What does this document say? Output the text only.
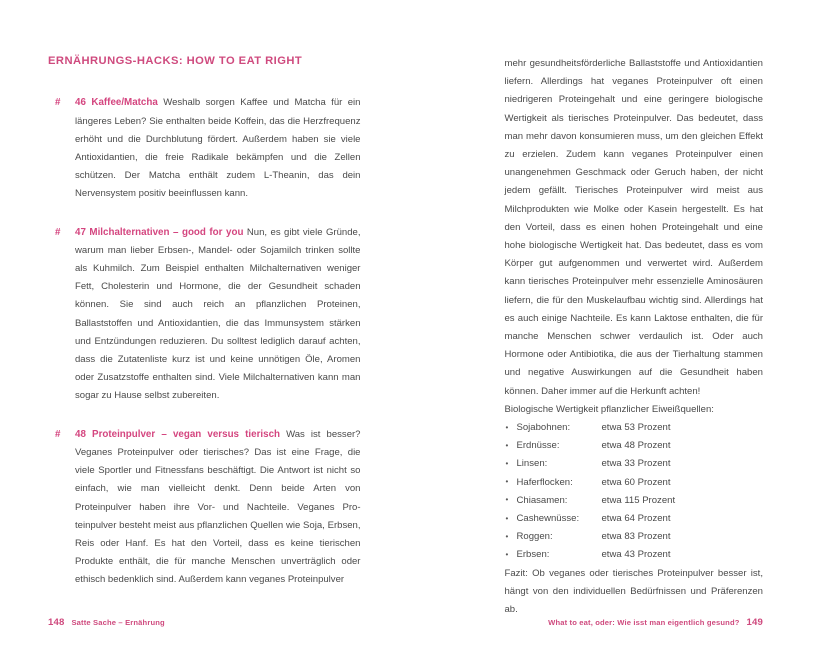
ERNÄHRUNGS-HACKS: HOW TO EAT RIGHT
# 46 Kaffee/Matcha Weshalb sorgen Kaffee und Matcha für ein längeres Leben? Sie enthalten beide Koffein, das die Herzfrequenz erhöht und die Durchblutung fördert. Außerdem haben sie viele Antioxidantien, die freie Radikale bekämpfen und die Zellen schützen. Der Matcha enthält zudem L-Theanin, das dein Nervensystem positiv beeinflussen kann.
# 47 Milchalternativen – good for you Nun, es gibt viele Gründe, warum man lieber Erbsen-, Mandel- oder Sojamilch trinken sollte als Kuhmilch. Zum Beispiel enthalten Milchalternativen weniger Fett, Cholesterin und Hormone, die der Gesundheit schaden können. Sie sind auch reich an pflanzlichen Proteinen, Ballaststoffen und Antioxidantien, die das Immunsystem stärken und Entzündungen reduzieren. Du solltest lediglich darauf achten, dass die Zutatenliste kurz ist und keine unnötigen Öle, Aromen oder Zusatzstoffe enthalten sind. Viele Milchalternativen kann man sogar zu Hause selbst zubereiten.
# 48 Proteinpulver – vegan versus tierisch Was ist besser? Veganes Proteinpulver oder tierisches? Das ist eine Frage, die viele Sportler und Fitnessfans beschäftigt. Die Antwort ist nicht so einfach, wie man vielleicht denkt. Denn beide Arten von Proteinpulver haben ihre Vor- und Nachteile. Veganes Proteinpulver besteht meist aus pflanzlichen Quellen wie Soja, Erbsen, Reis oder Hanf. Es hat den Vorteil, dass es keine tierischen Produkte enthält, die für manche Menschen unverträglich oder ethisch bedenklich sind. Außerdem kann veganes Proteinpulver
148 Satte Sache – Ernährung

mehr gesundheitsförderliche Ballaststoffe und Antioxidantien liefern. Allerdings hat veganes Proteinpulver oft einen niedrigeren Proteingehalt und eine geringere biologische Wertigkeit als tierisches Proteinpulver. Das bedeutet, dass man mehr davon konsumieren muss, um den gleichen Effekt zu erzielen. Zudem kann veganes Proteinpulver einen unangenehmen Geschmack oder Geruch haben, der nicht jedem gefällt. Tierisches Proteinpulver wird meist aus Milchprodukten wie Molke oder Kasein hergestellt. Es hat den Vorteil, dass es einen hohen Proteingehalt und eine hohe biologische Wertigkeit hat. Das bedeutet, dass es vom Körper gut aufgenommen und verwertet wird. Außerdem kann tierisches Proteinpulver mehr essenzielle Aminosäuren liefern, die für den Muskelaufbau wichtig sind. Allerdings hat es auch einige Nachteile. Es kann Laktose enthalten, die für manche Menschen schwer verdaulich ist. Oder auch Hormone oder Antibiotika, die aus der Tierhaltung stammen und negative Auswirkungen auf die Gesundheit haben können. Daher immer auf die Herkunft achten!

Biologische Wertigkeit pflanzlicher Eiweißquellen:

• Sojabohnen:	etwa 53 Prozent
• Erdnüsse:	etwa 48 Prozent
• Linsen:	etwa 33 Prozent
• Haferflocken:	etwa 60 Prozent
• Chiasamen:	etwa 115 Prozent
• Cashewnüsse:	etwa 64 Prozent
• Roggen:	etwa 83 Prozent
• Erbsen:	etwa 43 Prozent

Fazit: Ob veganes oder tierisches Proteinpulver besser ist, hängt von den individuellen Bedürfnissen und Präferenzen ab.

What to eat, oder: Wie isst man eigentlich gesund? 149
